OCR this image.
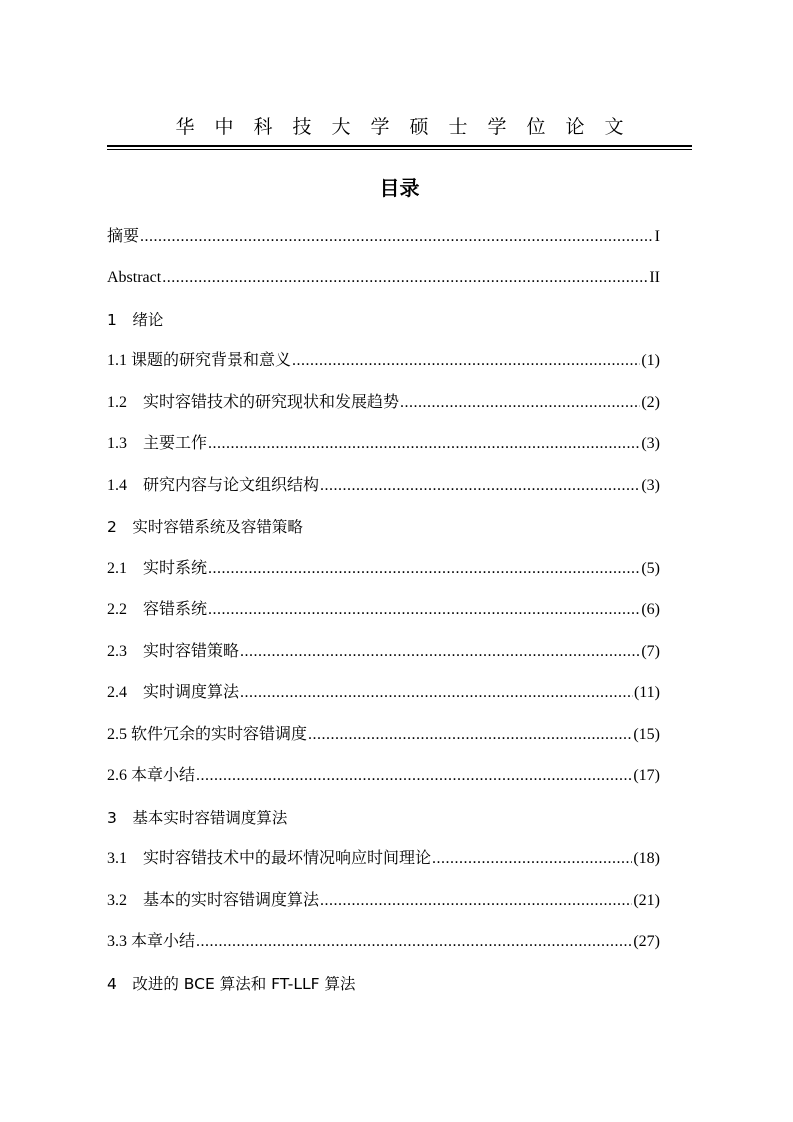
华中科技大学硕士学位论文
目录
摘要 .....	I
Abstract .....	II
1　绪论
1.1 课题的研究背景和意义 .....	(1)
1.2　实时容错技术的研究现状和发展趋势 .....	(2)
1.3　主要工作 .....	(3)
1.4　研究内容与论文组织结构 .....	(3)
2　实时容错系统及容错策略
2.1　实时系统 .....	(5)
2.2　容错系统 .....	(6)
2.3　实时容错策略 .....	(7)
2.4　实时调度算法 .....	(11)
2.5 软件冗余的实时容错调度 .....	(15)
2.6 本章小结 .....	(17)
3　基本实时容错调度算法
3.1　实时容错技术中的最坏情况响应时间理论 .....	(18)
3.2　基本的实时容错调度算法 .....	(21)
3.3 本章小结 .....	(27)
4　改进的 BCE 算法和 FT-LLF 算法
